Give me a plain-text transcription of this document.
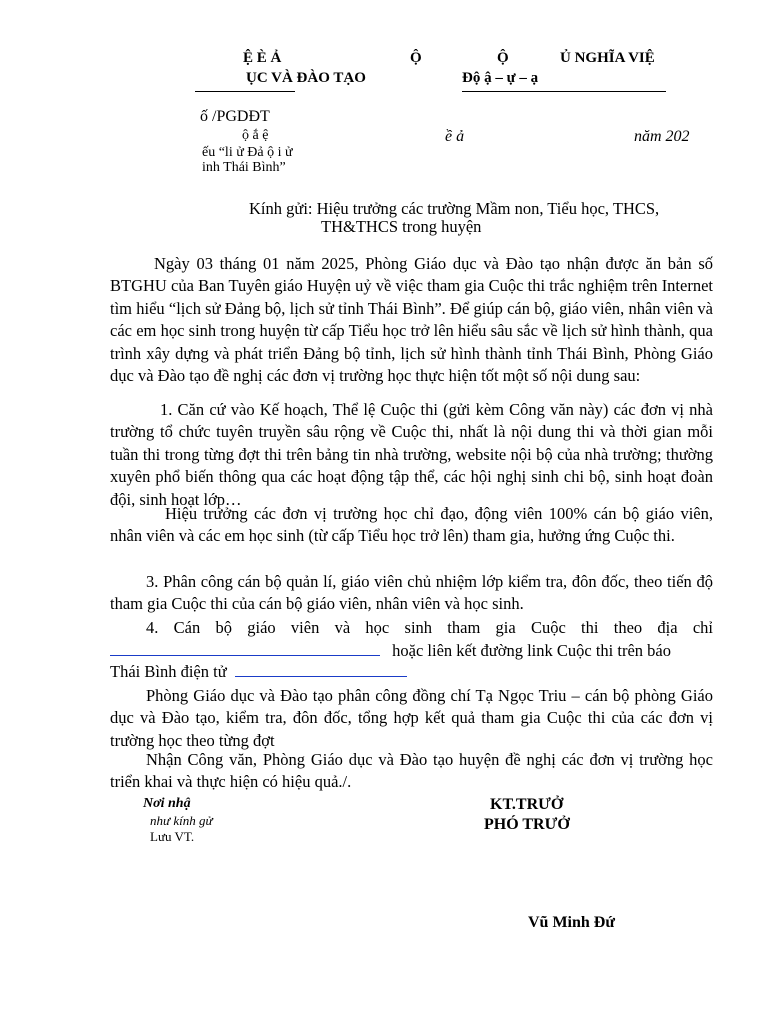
Ệ È Ả	Ộ
ỤC VÀ ĐÀO TẠO
Ộ	Ủ NGHĨA VIỆ
Độ ậ – ự – ạ
ố /PGDĐT
ộ ắ ệ
ếu “li ử Đả ộ i ử
inh Thái Bình”
ề ả	năm 202
Kính gửi: Hiệu trưởng các trường Mầm non, Tiểu học, THCS,
TH&THCS trong huyện
Ngày 03 tháng 01 năm 2025, Phòng Giáo dục và Đào tạo nhận được ăn bản số BTGHU của Ban Tuyên giáo Huyện uỷ về việc tham gia Cuộc thi trắc nghiệm trên Internet tìm hiểu “lịch sử Đảng bộ, lịch sử tỉnh Thái Bình”. Để giúp cán bộ, giáo viên, nhân viên và các em học sinh trong huyện từ cấp Tiểu học trở lên hiểu sâu sắc về lịch sử hình thành, qua trình xây dựng và phát triển Đảng bộ tỉnh, lịch sử hình thành tỉnh Thái Bình, Phòng Giáo dục và Đào tạo đề nghị các đơn vị trường học thực hiện tốt một số nội dung sau:
1. Căn cứ vào Kế hoạch, Thể lệ Cuộc thi (gửi kèm Công văn này) các đơn vị nhà trường tổ chức tuyên truyền sâu rộng về Cuộc thi, nhất là nội dung thi và thời gian mỗi tuần thi trong từng đợt thi trên bảng tin nhà trường, website nội bộ của nhà trường; thường xuyên phổ biến thông qua các hoạt động tập thể, các hội nghị sinh chi bộ, sinh hoạt đoàn đội, sinh hoạt lớp…
Hiệu trưởng các đơn vị trường học chỉ đạo, động viên 100% cán bộ giáo viên, nhân viên và các em học sinh (từ cấp Tiểu học trở lên) tham gia, hưởng ứng Cuộc thi.
3. Phân công cán bộ quản lí, giáo viên chủ nhiệm lớp kiểm tra, đôn đốc, theo tiến độ tham gia Cuộc thi của cán bộ giáo viên, nhân viên và học sinh.
4. Cán bộ giáo viên và học sinh tham gia Cuộc thi theo địa chỉ
hoặc liên kết đường link Cuộc thi trên báo
Thái Bình điện tử
Phòng Giáo dục và Đào tạo phân công đồng chí Tạ Ngọc Triu – cán bộ phòng Giáo dục và Đào tạo, kiểm tra, đôn đốc, tổng hợp kết quả tham gia Cuộc thi của các đơn vị trường học theo từng đợt
Nhận Công văn, Phòng Giáo dục và Đào tạo huyện đề nghị các đơn vị trường học triển khai và thực hiện có hiệu quả./.
Nơi nhậ
như kính gử
Lưu VT.
KT.TRƯỞ
PHÓ TRƯỞ
Vũ Minh Đứ
